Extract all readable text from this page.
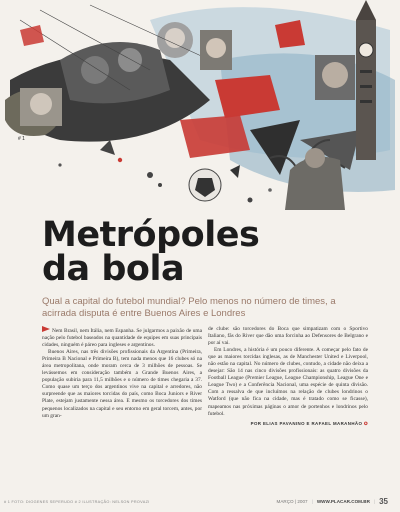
# 1
Metrópoles
da bola
Qual a capital do futebol mundial? Pelo menos no número de times, a acirrada disputa é entre Buenos Aires e Londres

Nem Brasil, nem Itália, nem Espanha. Se julgarmos a paixão de uma nação pelo futebol baseados na quantidade de equipes em suas principais cidades, ninguém é páreo para ingleses e argentinos.

Buenos Aires, nas três divisões profissionais da Argentina (Primeira, Primeira B Nacional e Primeira B), tem nada menos que 16 clubes só na área metropolitana, onde moram cerca de 3 milhões de pessoas. Se levássemos em consideração também a Grande Buenos Aires, a população subiria para 11,5 milhões e o número de times chegaria a 37. Como quase um terço dos argentinos vive na capital e arredores, não surpreende que as maiores torcidas do país, como Boca Juniors e River Plate, estejam justamente nessa área. E mesmo os torcedores dos times pequenos localizados na capital e seu entorno em geral torcem, antes, por um gran-

de clube: são torcedores do Boca que simpatizam com o Sportivo Italiano, fãs do River que dão uma forcinha ao Defensores de Belgrano e por aí vai.

Em Londres, a história é um pouco diferente. A começar pelo fato de que as maiores torcidas inglesas, as de Manchester United e Liverpool, não estão na capital. No número de clubes, contudo, a cidade não deixa a desejar: São 14 nas cinco divisões profissionais: as quatro divisões da Football League (Premier League, League Championship, League One e League Two) e a Conferência Nacional, uma espécie de quinta divisão. Com a ressalva de que incluímos na relação de clubes londrinos o Watford (que não fica na cidade, mas é tratado como se ficasse), mapeamos nas próximas páginas o amor de portenhos e londrinos pelo futebol.

POR ELIAS PAVANINO E RAFAEL MARANHÃO ✪
# 1 FOTO: DIOGENES SEPERUDO # 2 ILUSTRAÇÃO: NELSON PROVAZI	MARÇO | 2007 | WWW.PLACAR.COM.BR | 35
